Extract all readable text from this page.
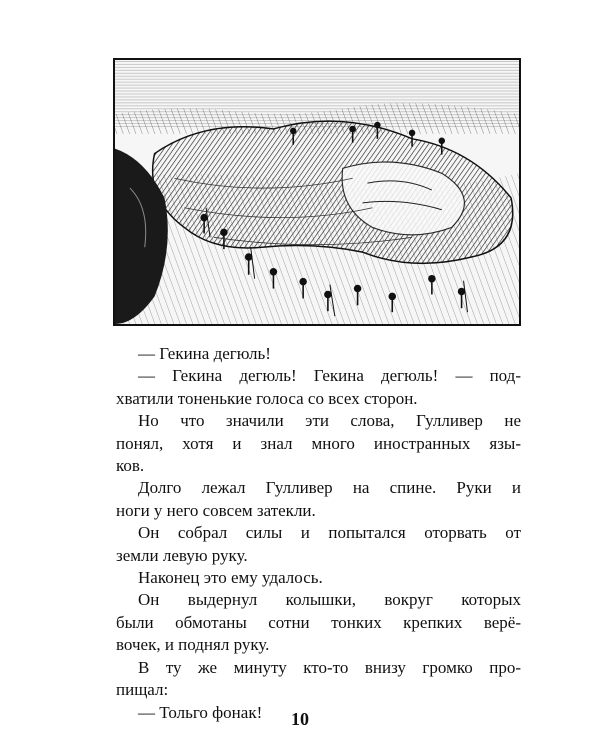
— Гекина дегюль!

— Гекина дегюль! Гекина дегюль! — под-
хватили тоненькие голоса со всех сторон.

Но что значили эти слова, Гулливер не
понял, хотя и знал много иностранных язы-
ков.

Долго лежал Гулливер на спине. Руки и
ноги у него совсем затекли.

Он собрал силы и попытался оторвать от
земли левую руку.

Наконец это ему удалось.

Он выдернул колышки, вокруг которых
были обмотаны сотни тонких крепких верё-
вочек, и поднял руку.

В ту же минуту кто-то внизу громко про-
пищал:

— Тольго фонак!	10
